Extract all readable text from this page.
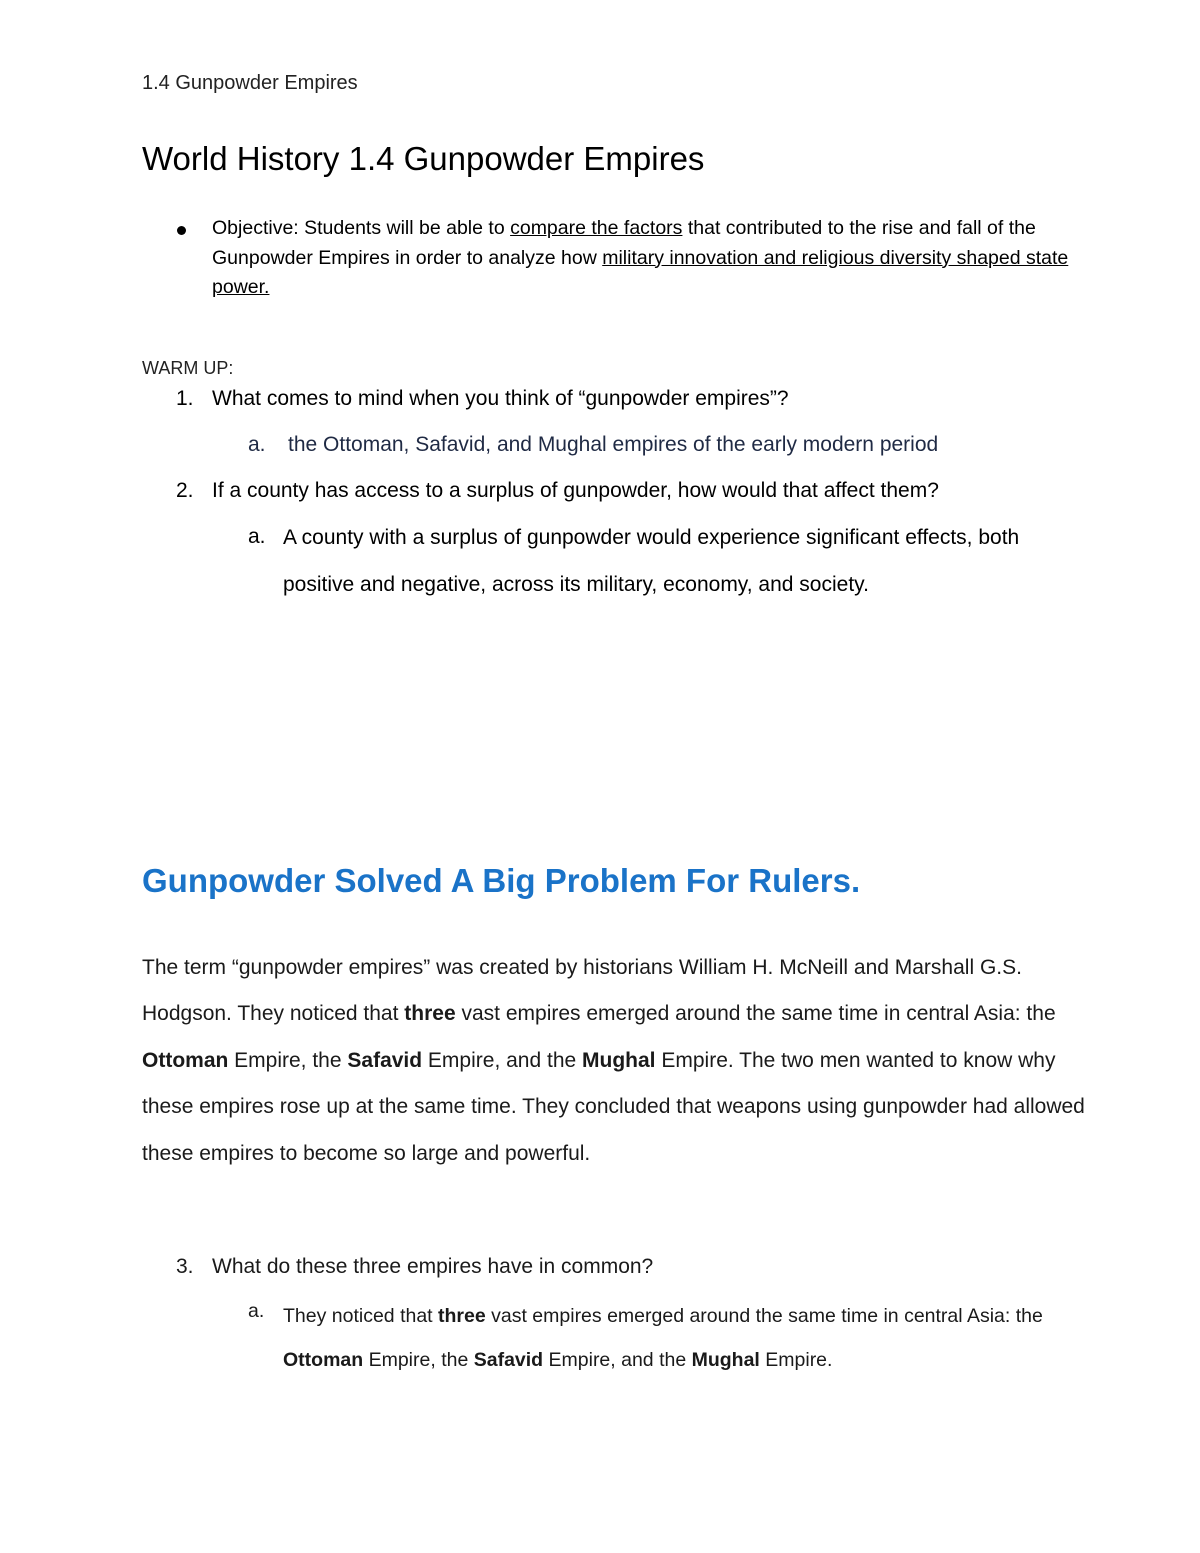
1.4 Gunpowder Empires
World History 1.4 Gunpowder Empires
Objective: Students will be able to compare the factors that contributed to the rise and fall of the Gunpowder Empires in order to analyze how military innovation and religious diversity shaped state power.
WARM UP:
1. What comes to mind when you think of “gunpowder empires”?
a. the Ottoman, Safavid, and Mughal empires of the early modern period
2. If a county has access to a surplus of gunpowder, how would that affect them?
a. A county with a surplus of gunpowder would experience significant effects, both positive and negative, across its military, economy, and society.
Gunpowder Solved A Big Problem For Rulers.
The term “gunpowder empires” was created by historians William H. McNeill and Marshall G.S. Hodgson. They noticed that three vast empires emerged around the same time in central Asia: the Ottoman Empire, the Safavid Empire, and the Mughal Empire. The two men wanted to know why these empires rose up at the same time. They concluded that weapons using gunpowder had allowed these empires to become so large and powerful.
3. What do these three empires have in common?
a. They noticed that three vast empires emerged around the same time in central Asia: the Ottoman Empire, the Safavid Empire, and the Mughal Empire.
